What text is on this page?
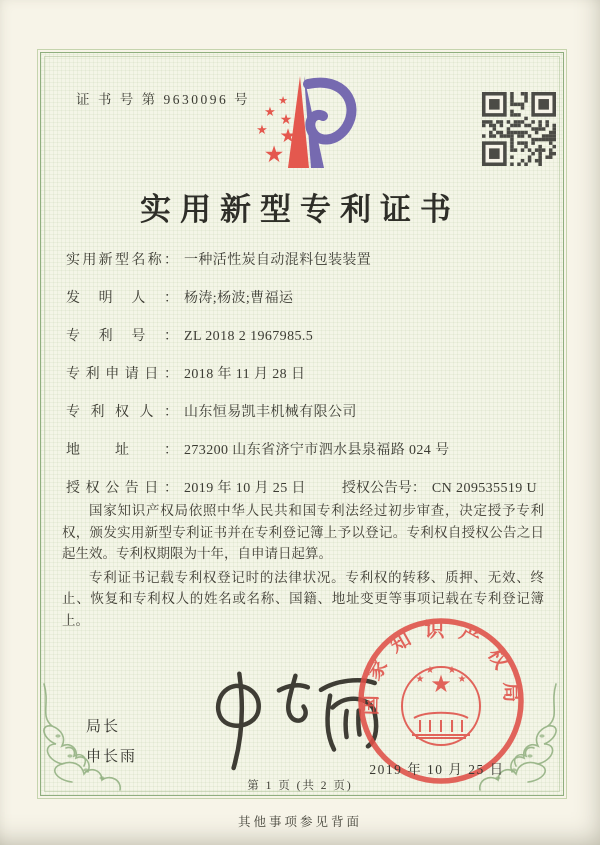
证 书 号 第 9630096 号	★
★ ★
★ ★
★
实用新型专利证书
实用新型名称： 一种活性炭自动混料包装装置
发明人： 杨涛;杨波;曹福运
专利号： ZL 2018 2 1967985.5
专利申请日： 2018 年 11 月 28 日
专利权人： 山东恒易凯丰机械有限公司
地址： 273200 山东省济宁市泗水县泉福路 024 号
授权公告日： 2019 年 10 月 25 日	授权公告号： CN 209535519 U

国家知识产权局依照中华人民共和国专利法经过初步审查，决定授予专利权，颁发实用新型专利证书并在专利登记簿上予以登记。专利权自授权公告之日起生效。专利权期限为十年，自申请日起算。

专利证书记载专利权登记时的法律状况。专利权的转移、质押、无效、终止、恢复和专利权人的姓名或名称、国籍、地址变更等事项记载在专利登记簿上。

局长
申长雨
国家知识产权局
★
★
★ ★
★
2019 年 10 月 25 日
第 1 页 (共 2 页)
其他事项参见背面
